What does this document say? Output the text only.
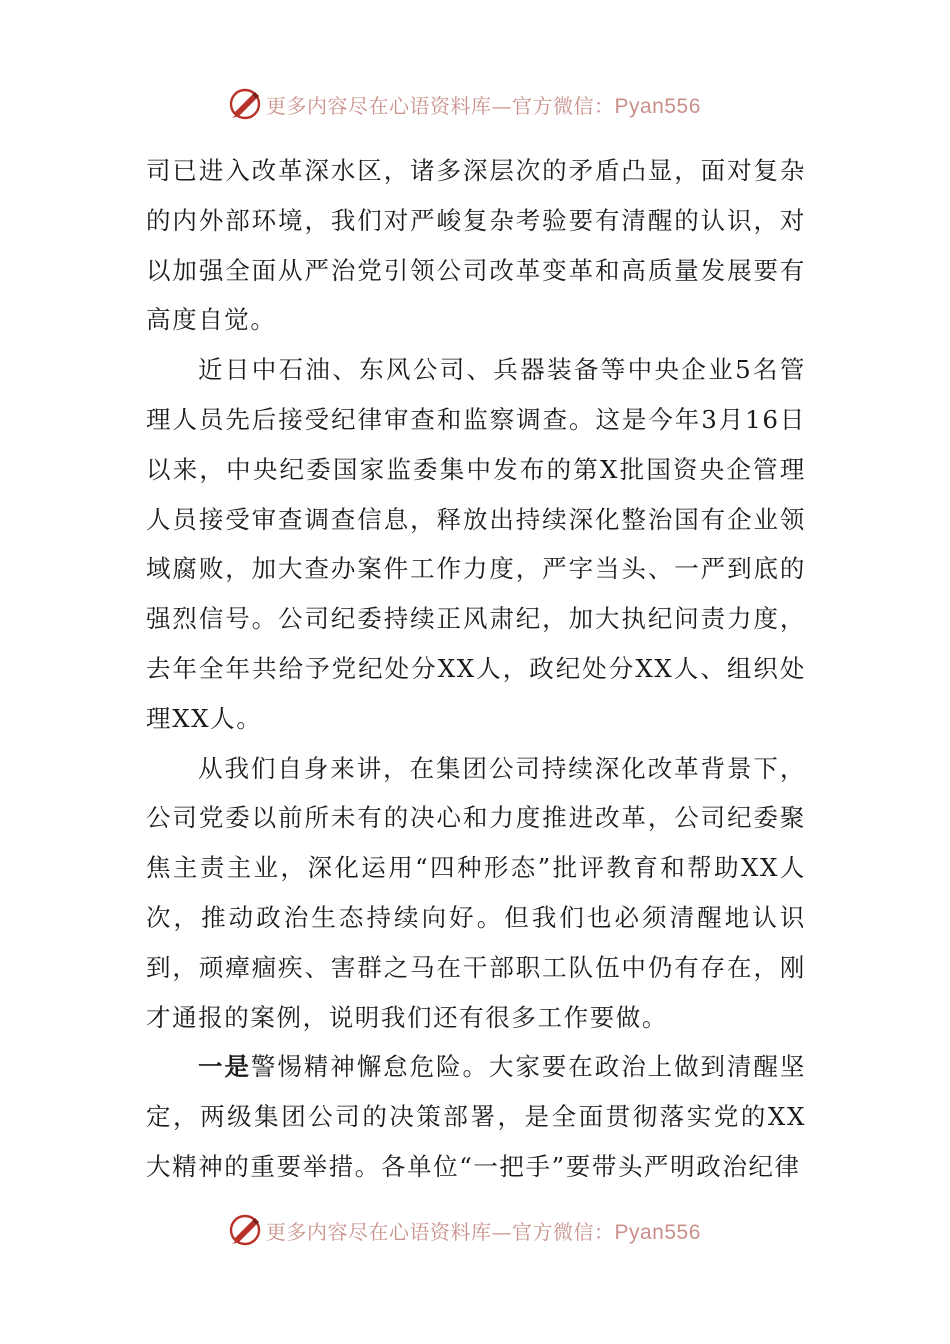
更多内容尽在心语资料库—官方微信：Pyan556

司已进入改革深水区，诸多深层次的矛盾凸显，面对复杂的内外部环境，我们对严峻复杂考验要有清醒的认识，对以加强全面从严治党引领公司改革变革和高质量发展要有高度自觉。

近日中石油、东风公司、兵器装备等中央企业5名管理人员先后接受纪律审查和监察调查。这是今年3月16日以来，中央纪委国家监委集中发布的第X批国资央企管理人员接受审查调查信息，释放出持续深化整治国有企业领域腐败，加大查办案件工作力度，严字当头、一严到底的强烈信号。公司纪委持续正风肃纪，加大执纪问责力度，去年全年共给予党纪处分XX人，政纪处分XX人、组织处理XX人。

从我们自身来讲，在集团公司持续深化改革背景下，公司党委以前所未有的决心和力度推进改革，公司纪委聚焦主责主业，深化运用“四种形态”批评教育和帮助XX人次，推动政治生态持续向好。但我们也必须清醒地认识到，顽瘴痼疾、害群之马在干部职工队伍中仍有存在，刚才通报的案例，说明我们还有很多工作要做。

一是警惕精神懈怠危险。大家要在政治上做到清醒坚定，两级集团公司的决策部署，是全面贯彻落实党的XX大精神的重要举措。各单位“一把手”要带头严明政治纪律

更多内容尽在心语资料库—官方微信：Pyan556
